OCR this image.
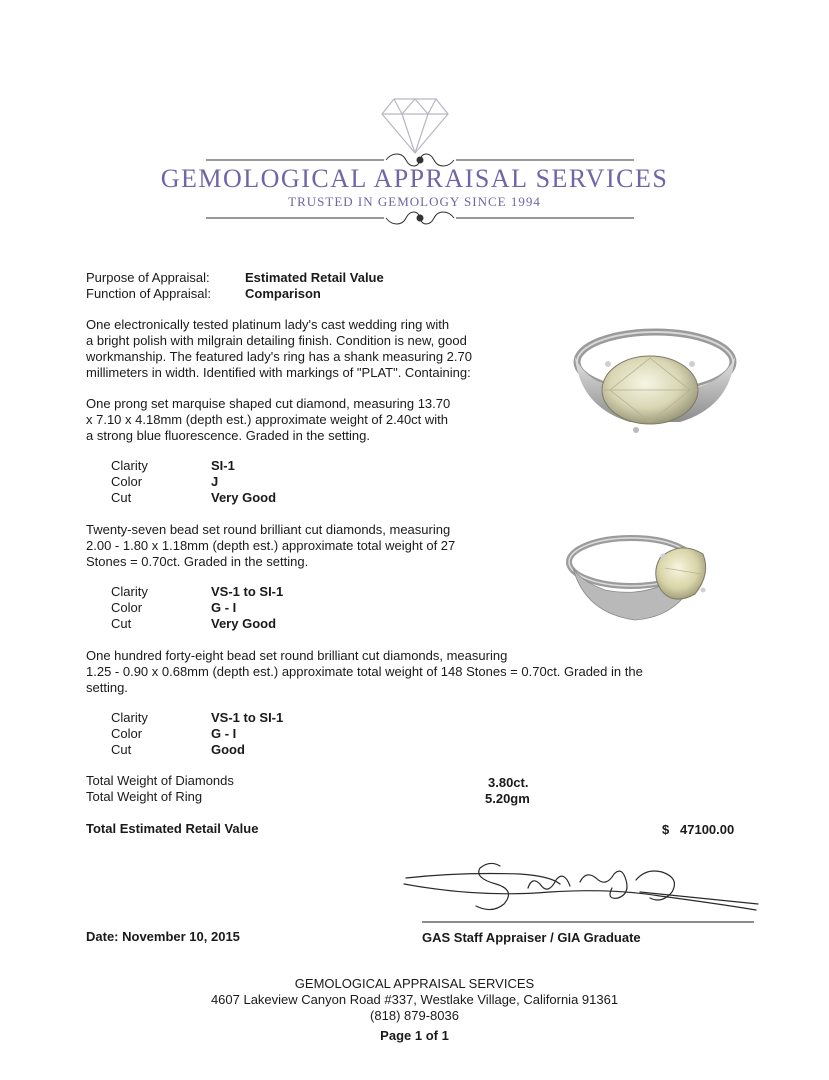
GEMOLOGICAL APPRAISAL SERVICES
TRUSTED IN GEMOLOGY SINCE 1994
Purpose of Appraisal:	Estimated Retail Value
Function of Appraisal:	Comparison
One electronically tested platinum lady's cast wedding ring with
a bright polish with milgrain detailing finish. Condition is new, good
workmanship. The featured lady's ring has a shank measuring 2.70
millimeters in width. Identified with markings of "PLAT". Containing:
One prong set marquise shaped cut diamond, measuring 13.70
x 7.10 x 4.18mm (depth est.) approximate weight of 2.40ct with
a strong blue fluorescence. Graded in the setting.
Clarity	SI-1
Color	J
Cut	Very Good
Twenty-seven bead set round brilliant cut diamonds, measuring
2.00 - 1.80 x 1.18mm (depth est.) approximate total weight of 27
Stones = 0.70ct. Graded in the setting.
Clarity	VS-1 to SI-1
Color	G - I
Cut	Very Good
One hundred forty-eight bead set round brilliant cut diamonds, measuring
1.25 - 0.90 x 0.68mm (depth est.) approximate total weight of 148 Stones = 0.70ct. Graded in the
setting.
Clarity	VS-1 to SI-1
Color	G - I
Cut	Good
Total Weight of Diamonds	3.80ct.
Total Weight of Ring	5.20gm
Total Estimated Retail Value	$ 47100.00
Date: November 10, 2015	GAS Staff Appraiser / GIA Graduate
GEMOLOGICAL APPRAISAL SERVICES
4607 Lakeview Canyon Road #337, Westlake Village, California 91361
(818) 879-8036
Page 1 of 1
